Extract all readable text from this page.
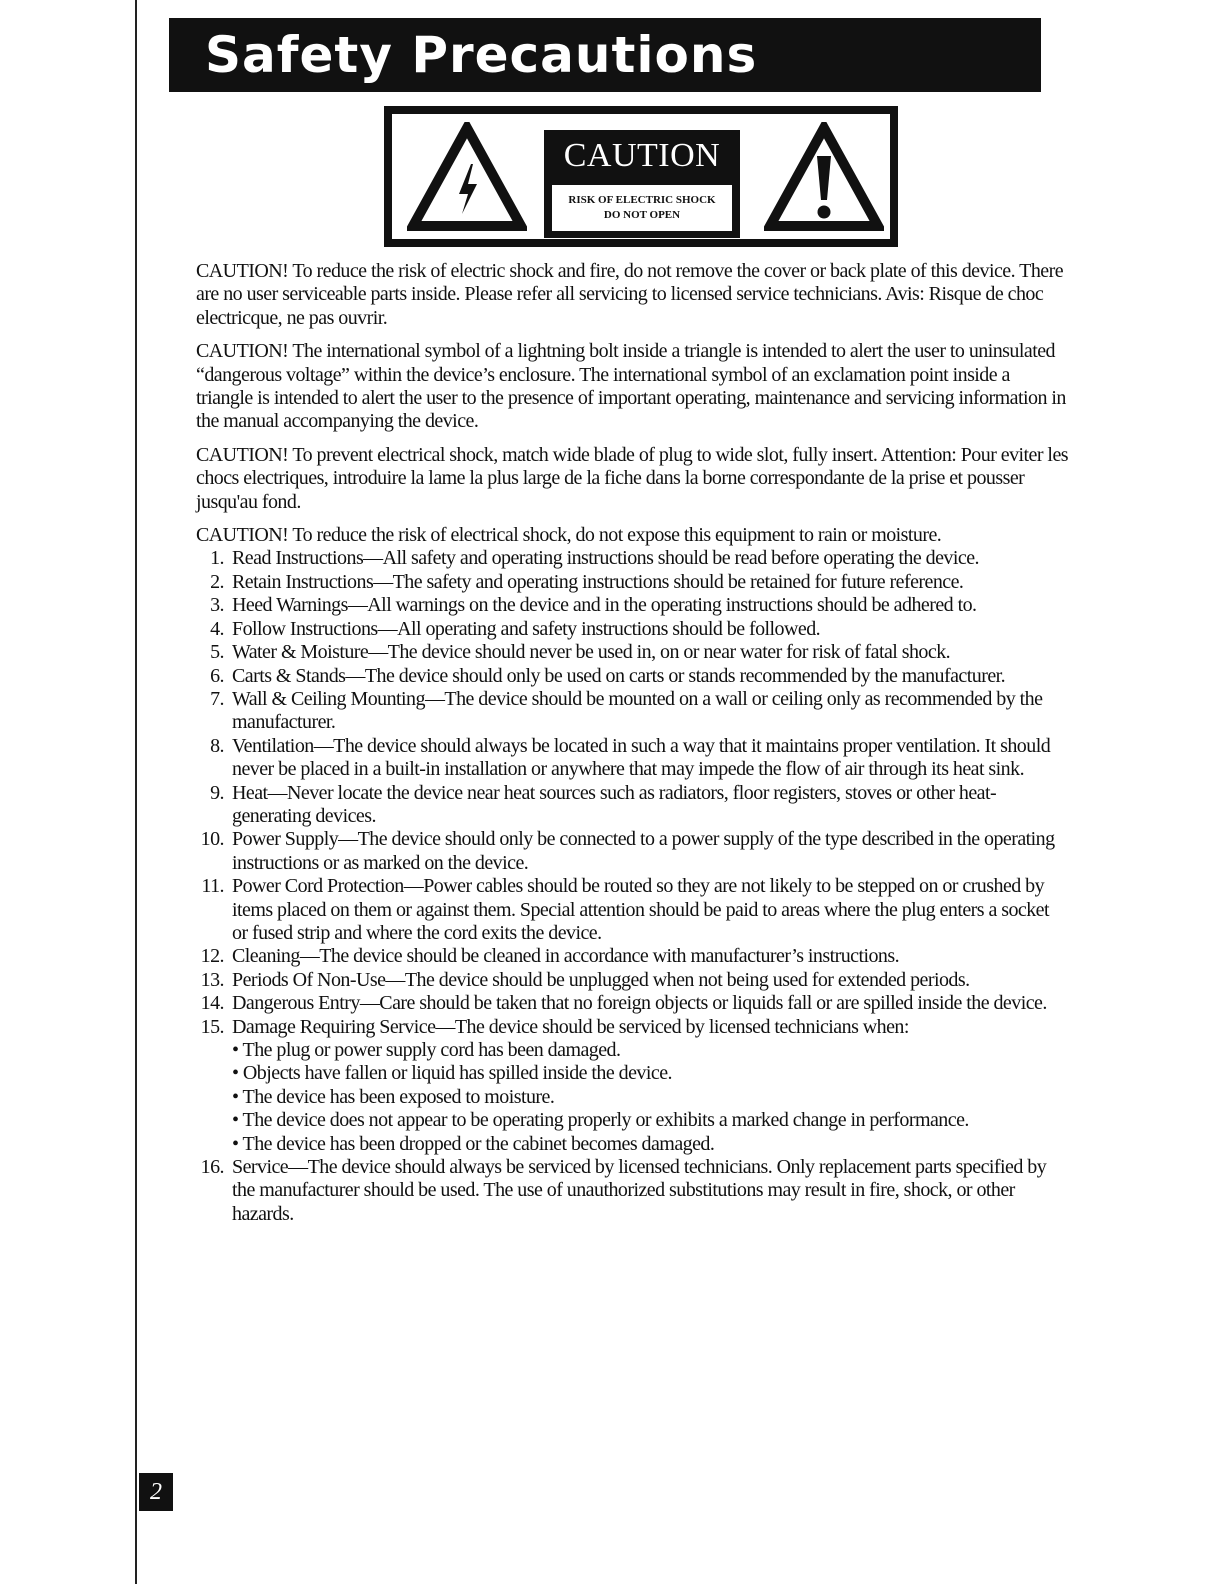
Safety Precautions
CAUTION
RISK OF ELECTRIC SHOCK
DO NOT OPEN

CAUTION! To reduce the risk of electric shock and fire, do not remove the cover or back plate of this device. There are no user serviceable parts inside. Please refer all servicing to licensed service technicians. Avis: Risque de choc electricque, ne pas ouvrir.

CAUTION! The international symbol of a lightning bolt inside a triangle is intended to alert the user to uninsulated “dangerous voltage” within the device’s enclosure. The international symbol of an exclamation point inside a triangle is intended to alert the user to the presence of important operating, maintenance and servicing information in the manual accompanying the device.

CAUTION! To prevent electrical shock, match wide blade of plug to wide slot, fully insert. Attention: Pour eviter les chocs electriques, introduire la lame la plus large de la fiche dans la borne correspondante de la prise et pousser jusqu'au fond.

CAUTION! To reduce the risk of electrical shock, do not expose this equipment to rain or moisture.

1. Read Instructions—All safety and operating instructions should be read before operating the device.
2. Retain Instructions—The safety and operating instructions should be retained for future reference.
3. Heed Warnings—All warnings on the device and in the operating instructions should be adhered to.
4. Follow Instructions—All operating and safety instructions should be followed.
5. Water & Moisture—The device should never be used in, on or near water for risk of fatal shock.
6. Carts & Stands—The device should only be used on carts or stands recommended by the manufacturer.
7. Wall & Ceiling Mounting—The device should be mounted on a wall or ceiling only as recommended by the manufacturer.
8. Ventilation—The device should always be located in such a way that it maintains proper ventilation. It should never be placed in a built-in installation or anywhere that may impede the flow of air through its heat sink.
9. Heat—Never locate the device near heat sources such as radiators, floor registers, stoves or other heat-generating devices.
10. Power Supply—The device should only be connected to a power supply of the type described in the operating instructions or as marked on the device.
11. Power Cord Protection—Power cables should be routed so they are not likely to be stepped on or crushed by items placed on them or against them. Special attention should be paid to areas where the plug enters a socket or fused strip and where the cord exits the device.
12. Cleaning—The device should be cleaned in accordance with manufacturer’s instructions.
13. Periods Of Non-Use—The device should be unplugged when not being used for extended periods.
14. Dangerous Entry—Care should be taken that no foreign objects or liquids fall or are spilled inside the device.
15. Damage Requiring Service—The device should be serviced by licensed technicians when:
• The plug or power supply cord has been damaged.
• Objects have fallen or liquid has spilled inside the device.
• The device has been exposed to moisture.
• The device does not appear to be operating properly or exhibits a marked change in performance.
• The device has been dropped or the cabinet becomes damaged.
16. Service—The device should always be serviced by licensed technicians. Only replacement parts specified by the manufacturer should be used. The use of unauthorized substitutions may result in fire, shock, or other hazards.
2
